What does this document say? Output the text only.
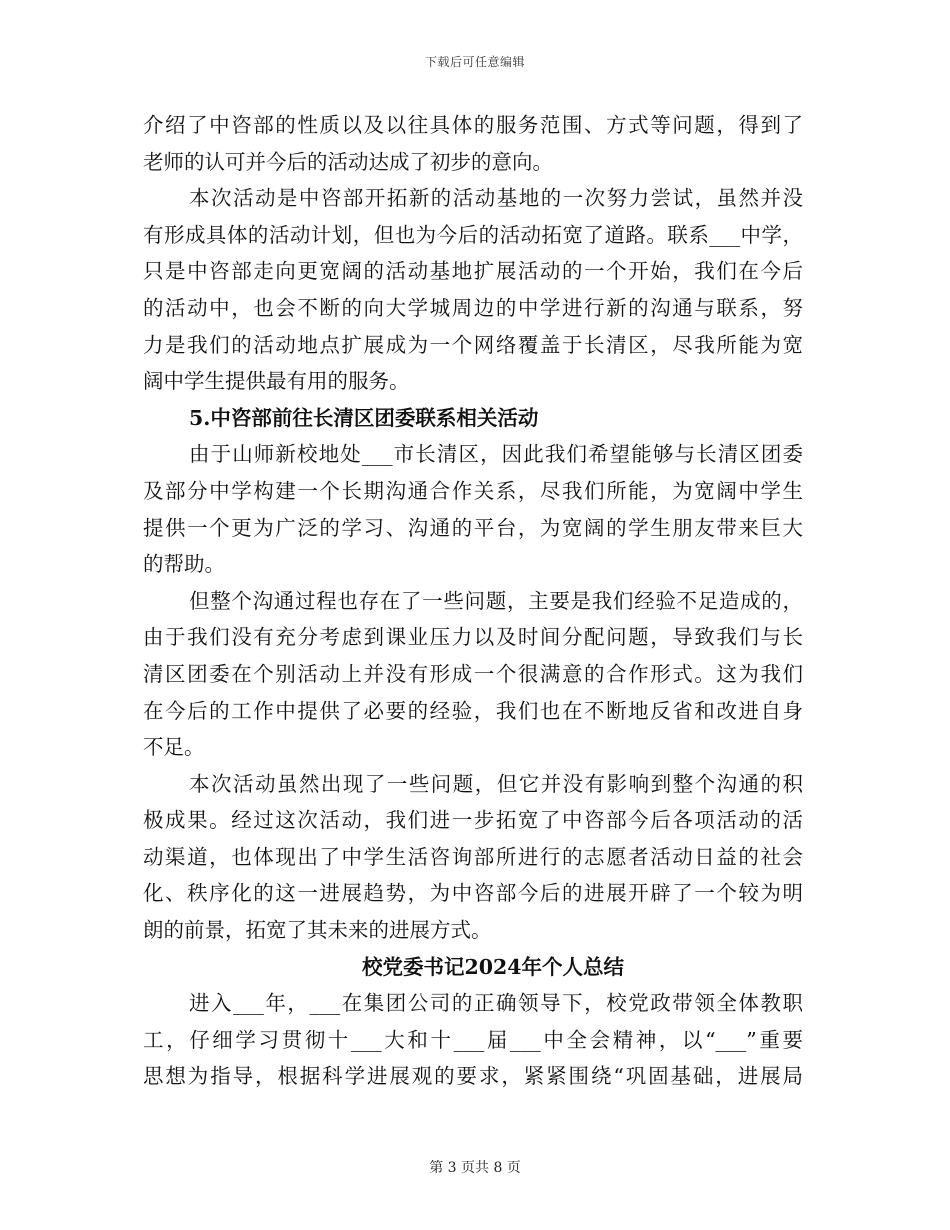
下载后可任意编辑
介绍了中咨部的性质以及以往具体的服务范围、方式等问题，得到了
老师的认可并今后的活动达成了初步的意向。
本次活动是中咨部开拓新的活动基地的一次努力尝试，虽然并没
有形成具体的活动计划，但也为今后的活动拓宽了道路。联系___中学，
只是中咨部走向更宽阔的活动基地扩展活动的一个开始，我们在今后
的活动中，也会不断的向大学城周边的中学进行新的沟通与联系，努
力是我们的活动地点扩展成为一个网络覆盖于长清区，尽我所能为宽
阔中学生提供最有用的服务。
5.中咨部前往长清区团委联系相关活动
由于山师新校地处___市长清区，因此我们希望能够与长清区团委
及部分中学构建一个长期沟通合作关系，尽我们所能，为宽阔中学生
提供一个更为广泛的学习、沟通的平台，为宽阔的学生朋友带来巨大
的帮助。
但整个沟通过程也存在了一些问题，主要是我们经验不足造成的，
由于我们没有充分考虑到课业压力以及时间分配问题，导致我们与长
清区团委在个别活动上并没有形成一个很满意的合作形式。这为我们
在今后的工作中提供了必要的经验，我们也在不断地反省和改进自身
不足。
本次活动虽然出现了一些问题，但它并没有影响到整个沟通的积
极成果。经过这次活动，我们进一步拓宽了中咨部今后各项活动的活
动渠道，也体现出了中学生活咨询部所进行的志愿者活动日益的社会
化、秩序化的这一进展趋势，为中咨部今后的进展开辟了一个较为明
朗的前景，拓宽了其未来的进展方式。
校党委书记2024年个人总结
进入___年，___在集团公司的正确领导下，校党政带领全体教职
工，仔细学习贯彻十___大和十___届___中全会精神，以“___”重要
思想为指导，根据科学进展观的要求，紧紧围绕“巩固基础，进展局
第 3 页共 8 页
